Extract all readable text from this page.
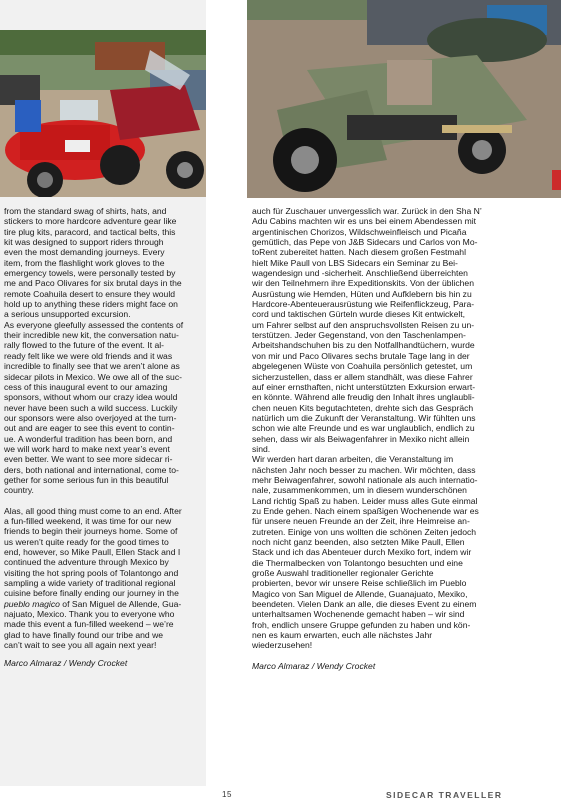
from the standard swag of shirts, hats, and
stickers to more hardcore adventure gear like
tire plug kits, paracord, and tactical belts, this
kit was designed to support riders through
even the most demanding journeys. Every
item, from the flashlight work gloves to the
emergency towels, were personally tested by
me and Paco Olivares for six brutal days in the
remote Coahuila desert to ensure they would
hold up to anything these riders might face on
a serious unsupported excursion.
As everyone gleefully assessed the contents of
their incredible new kit, the conversation natu-
rally flowed to the future of the event. It al-
ready felt like we were old friends and it was
incredible to finally see that we aren’t alone as
sidecar pilots in Mexico. We owe all of the suc-
cess of this inaugural event to our amazing
sponsors, without whom our crazy idea would
never have been such a wild success. Luckily
our sponsors were also overjoyed at the turn-
out and are eager to see this event to contin-
ue. A wonderful tradition has been born, and
we will work hard to make next year’s event
even better. We want to see more sidecar ri-
ders, both national and international, come to-
gether for some serious fun in this beautiful
country.

Alas, all good thing must come to an end. After
a fun-filled weekend, it was time for our new
friends to begin their journeys home. Some of
us weren’t quite ready for the good times to
end, however, so Mike Paull, Ellen Stack and I
continued the adventure through Mexico by
visiting the hot spring pools of Tolantongo and
sampling a wide variety of traditional regional
cuisine before finally ending our journey in the pueblo magico of San Miguel de Allende, Gua-
najuato, Mexico. Thank you to everyone who
made this event a fun-filled weekend – we’re
glad to have finally found our tribe and we
can’t wait to see you all again next year!

Marco Almaraz / Wendy Crocket

auch für Zuschauer unvergesslich war. Zurück in den Sha N’
Adu Cabins machten wir es uns bei einem Abendessen mit
argentinischen Chorizos, Wildschweinfleisch und Picaña
gemütlich, das Pepe von J&B Sidecars und Carlos von Mo-
toRent zubereitet hatten. Nach diesem großen Festmahl
hielt Mike Paull von LBS Sidecars ein Seminar zu Bei-
wagendesign und -sicherheit. Anschließend überreichten
wir den Teilnehmern ihre Expeditionskits. Von der üblichen
Ausrüstung wie Hemden, Hüten und Aufklebern bis hin zu
Hardcore-Abenteuerausrüstung wie Reifenflickzeug, Para-
cord und taktischen Gürteln wurde dieses Kit entwickelt,
um Fahrer selbst auf den anspruchsvollsten Reisen zu un-
terstützen. Jeder Gegenstand, von den Taschenlampen-
Arbeitshandschuhen bis zu den Notfallhandtüchern, wurde
von mir und Paco Olivares sechs brutale Tage lang in der
abgelegenen Wüste von Coahuila persönlich getestet, um
sicherzustellen, dass er allem standhält, was diese Fahrer
auf einer ernsthaften, nicht unterstützten Exkursion erwart-
en könnte. Während alle freudig den Inhalt ihres unglaubli-
chen neuen Kits begutachteten, drehte sich das Gespräch
natürlich um die Zukunft der Veranstaltung. Wir fühlten uns
schon wie alte Freunde und es war unglaublich, endlich zu
sehen, dass wir als Beiwagenfahrer in Mexiko nicht allein
sind.
Wir werden hart daran arbeiten, die Veranstaltung im
nächsten Jahr noch besser zu machen. Wir möchten, dass
mehr Beiwagenfahrer, sowohl nationale als auch internatio-
nale, zusammenkommen, um in diesem wunderschönen
Land richtig Spaß zu haben. Leider muss alles Gute einmal
zu Ende gehen. Nach einem spaßigen Wochenende war es
für unsere neuen Freunde an der Zeit, ihre Heimreise an-
zutreten. Einige von uns wollten die schönen Zeiten jedoch
noch nicht ganz beenden, also setzten Mike Paull, Ellen
Stack und ich das Abenteuer durch Mexiko fort, indem wir
die Thermalbecken von Tolantongo besuchten und eine
große Auswahl traditioneller regionaler Gerichte
probierten, bevor wir unsere Reise schließlich im Pueblo
Magico von San Miguel de Allende, Guanajuato, Mexiko,
beendeten. Vielen Dank an alle, die dieses Event zu einem
unterhaltsamen Wochenende gemacht haben – wir sind
froh, endlich unsere Gruppe gefunden zu haben und kön-
nen es kaum erwarten, euch alle nächstes Jahr
wiederzusehen!

Marco Almaraz / Wendy Crocket

15	SIDECAR TRAVELLER
